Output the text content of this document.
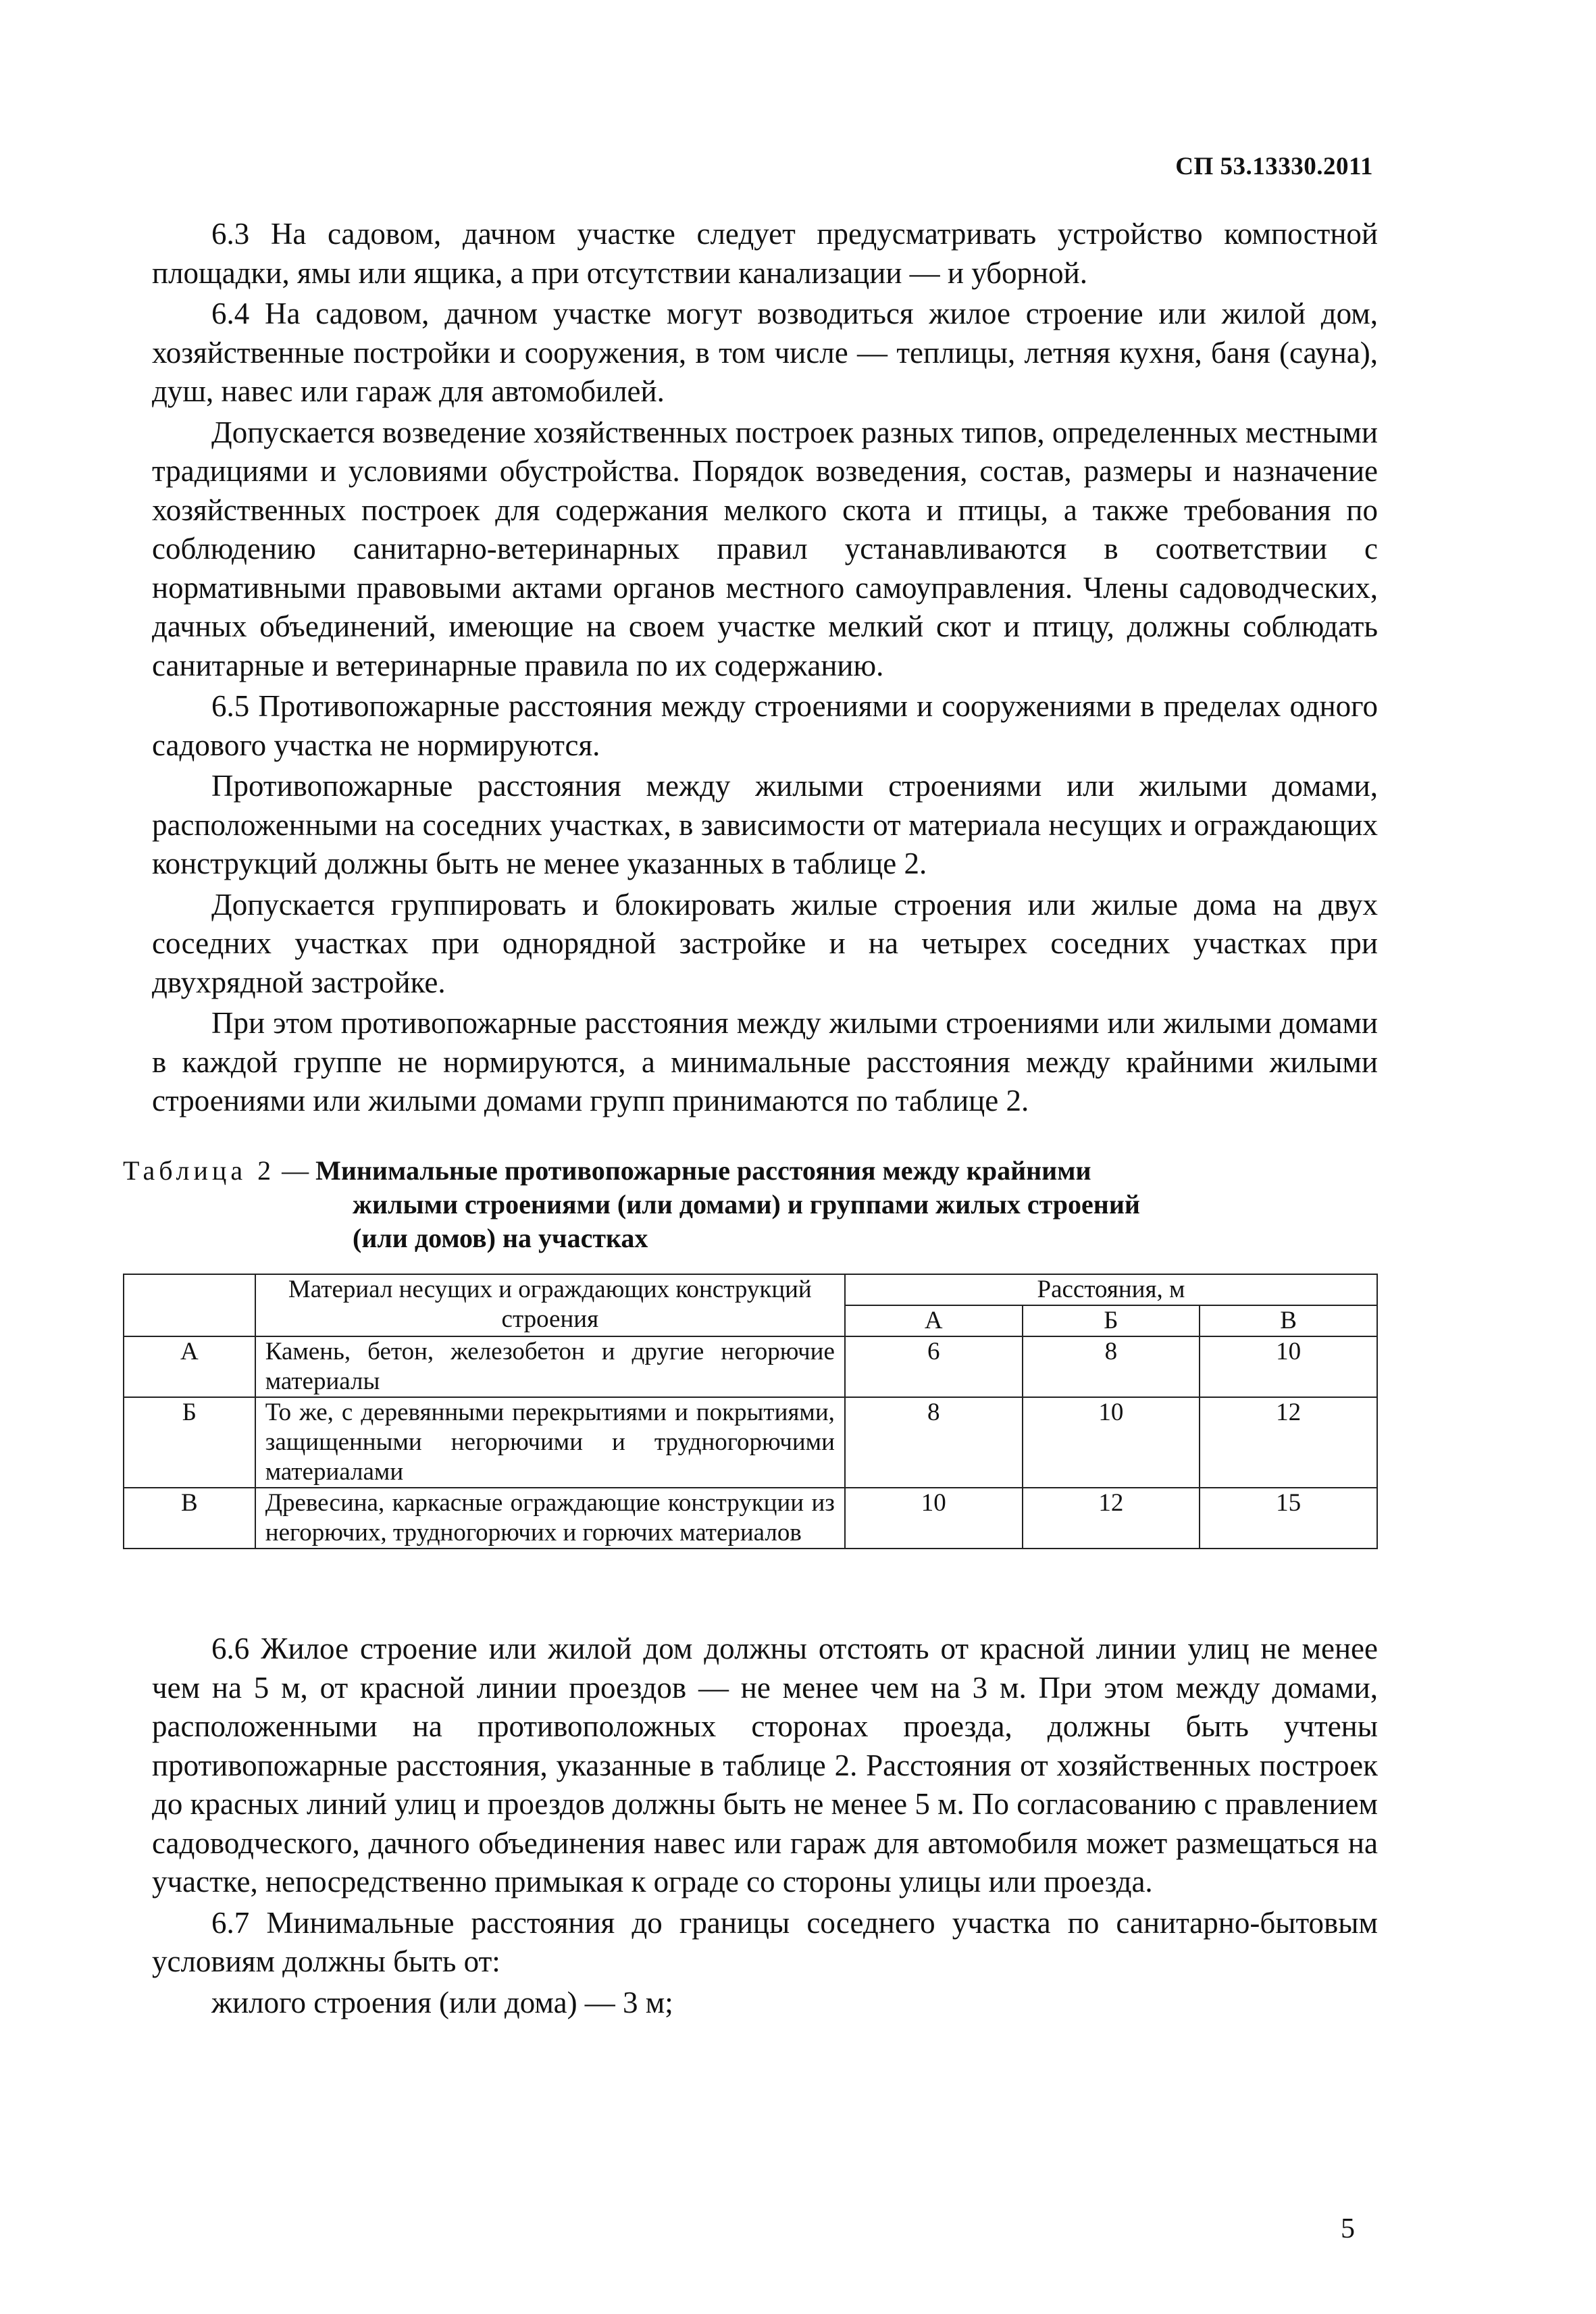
СП 53.13330.2011

6.3 На садовом, дачном участке следует предусматривать устройство компостной площадки, ямы или ящика, а при отсутствии канализации — и уборной.

6.4 На садовом, дачном участке могут возводиться жилое строение или жилой дом, хозяйственные постройки и сооружения, в том числе — теплицы, летняя кухня, баня (сауна), душ, навес или гараж для автомобилей.

Допускается возведение хозяйственных построек разных типов, определенных местными традициями и условиями обустройства. Порядок возведения, состав, размеры и назначение хозяйственных построек для содержания мелкого скота и птицы, а также требования по соблюдению санитарно-ветеринарных правил устанавливаются в соответствии с нормативными правовыми актами органов местного самоуправления. Члены садоводческих, дачных объединений, имеющие на своем участке мелкий скот и птицу, должны соблюдать санитарные и ветеринарные правила по их содержанию.

6.5 Противопожарные расстояния между строениями и сооружениями в пределах одного садового участка не нормируются.

Противопожарные расстояния между жилыми строениями или жилыми домами, расположенными на соседних участках, в зависимости от материала несущих и ограждающих конструкций должны быть не менее указанных в таблице 2.

Допускается группировать и блокировать жилые строения или жилые дома на двух соседних участках при однорядной застройке и на четырех соседних участках при двухрядной застройке.

При этом противопожарные расстояния между жилыми строениями или жилыми домами в каждой группе не нормируются, а минимальные расстояния между крайними жилыми строениями или жилыми домами групп принимаются по таблице 2.

Таблица 2 — Минимальные противопожарные расстояния между крайними
жилыми строениями (или домами) и группами жилых строений
(или домов) на участках
	Материал несущих и ограждающих конструкций строения	Расстояния, м		
		А	Б	В
А	Камень, бетон, железобетон и другие негорючие материалы	6	8	10
Б	То же, с деревянными перекрытиями и покрытиями, защищенными негорючими и трудногорючими материалами	8	10	12
В	Древесина, каркасные ограждающие конструкции из негорючих, трудногорючих и горючих материалов	10	12	15

6.6 Жилое строение или жилой дом должны отстоять от красной линии улиц не менее чем на 5 м, от красной линии проездов — не менее чем на 3 м. При этом между домами, расположенными на противоположных сторонах проезда, должны быть учтены противопожарные расстояния, указанные в таблице 2. Расстояния от хозяйственных построек до красных линий улиц и проездов должны быть не менее 5 м. По согласованию с правлением садоводческого, дачного объединения навес или гараж для автомобиля может размещаться на участке, непосредственно примыкая к ограде со стороны улицы или проезда.

6.7 Минимальные расстояния до границы соседнего участка по санитарно-бытовым условиям должны быть от:

жилого строения (или дома) — 3 м;

5
